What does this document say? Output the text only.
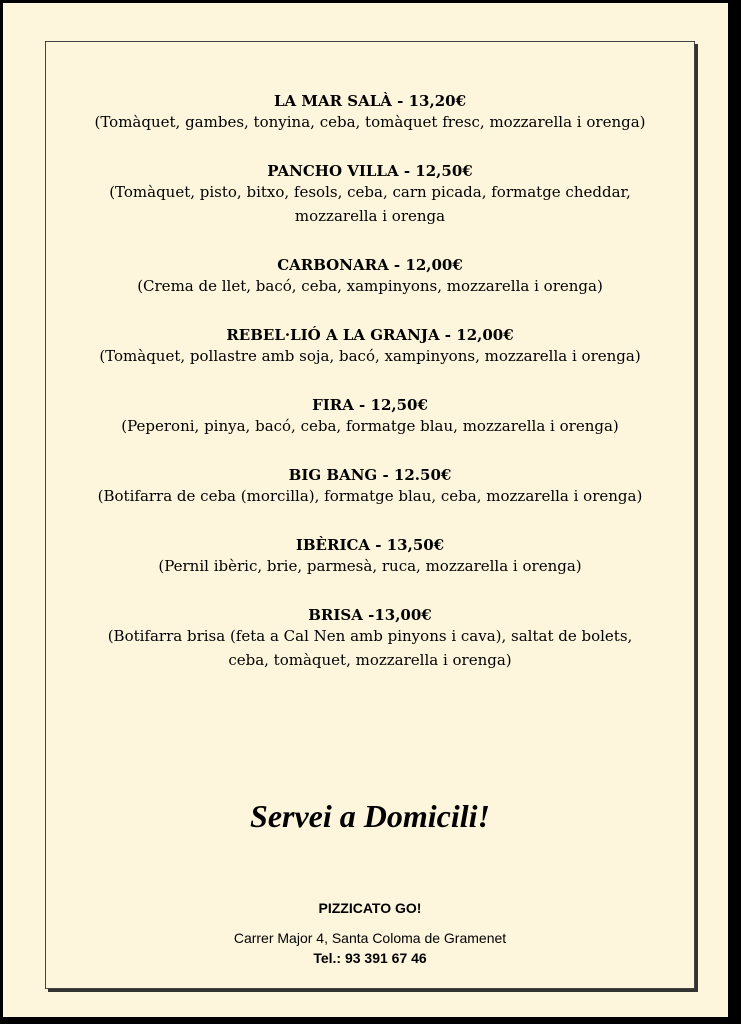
LA MAR SALÀ - 13,20€
(Tomàquet, gambes, tonyina, ceba, tomàquet fresc, mozzarella i orenga)
PANCHO VILLA - 12,50€
(Tomàquet, pisto, bitxo, fesols, ceba, carn picada, formatge cheddar,
mozzarella i orenga
CARBONARA - 12,00€
(Crema de llet, bacó, ceba, xampinyons, mozzarella i orenga)
REBEL·LIÓ A LA GRANJA - 12,00€
(Tomàquet, pollastre amb soja, bacó, xampinyons, mozzarella i orenga)
FIRA - 12,50€
(Peperoni, pinya, bacó, ceba, formatge blau, mozzarella i orenga)
BIG BANG - 12.50€
(Botifarra de ceba (morcilla), formatge blau, ceba, mozzarella i orenga)
IBÈRICA - 13,50€
(Pernil ibèric, brie, parmesà, ruca, mozzarella i orenga)
BRISA -13,00€
(Botifarra brisa (feta a Cal Nen amb pinyons i cava), saltat de bolets,
ceba, tomàquet, mozzarella i orenga)
Servei a Domicili!
PIZZICATO GO!
Carrer Major 4, Santa Coloma de Gramenet
Tel.: 93 391 67 46
